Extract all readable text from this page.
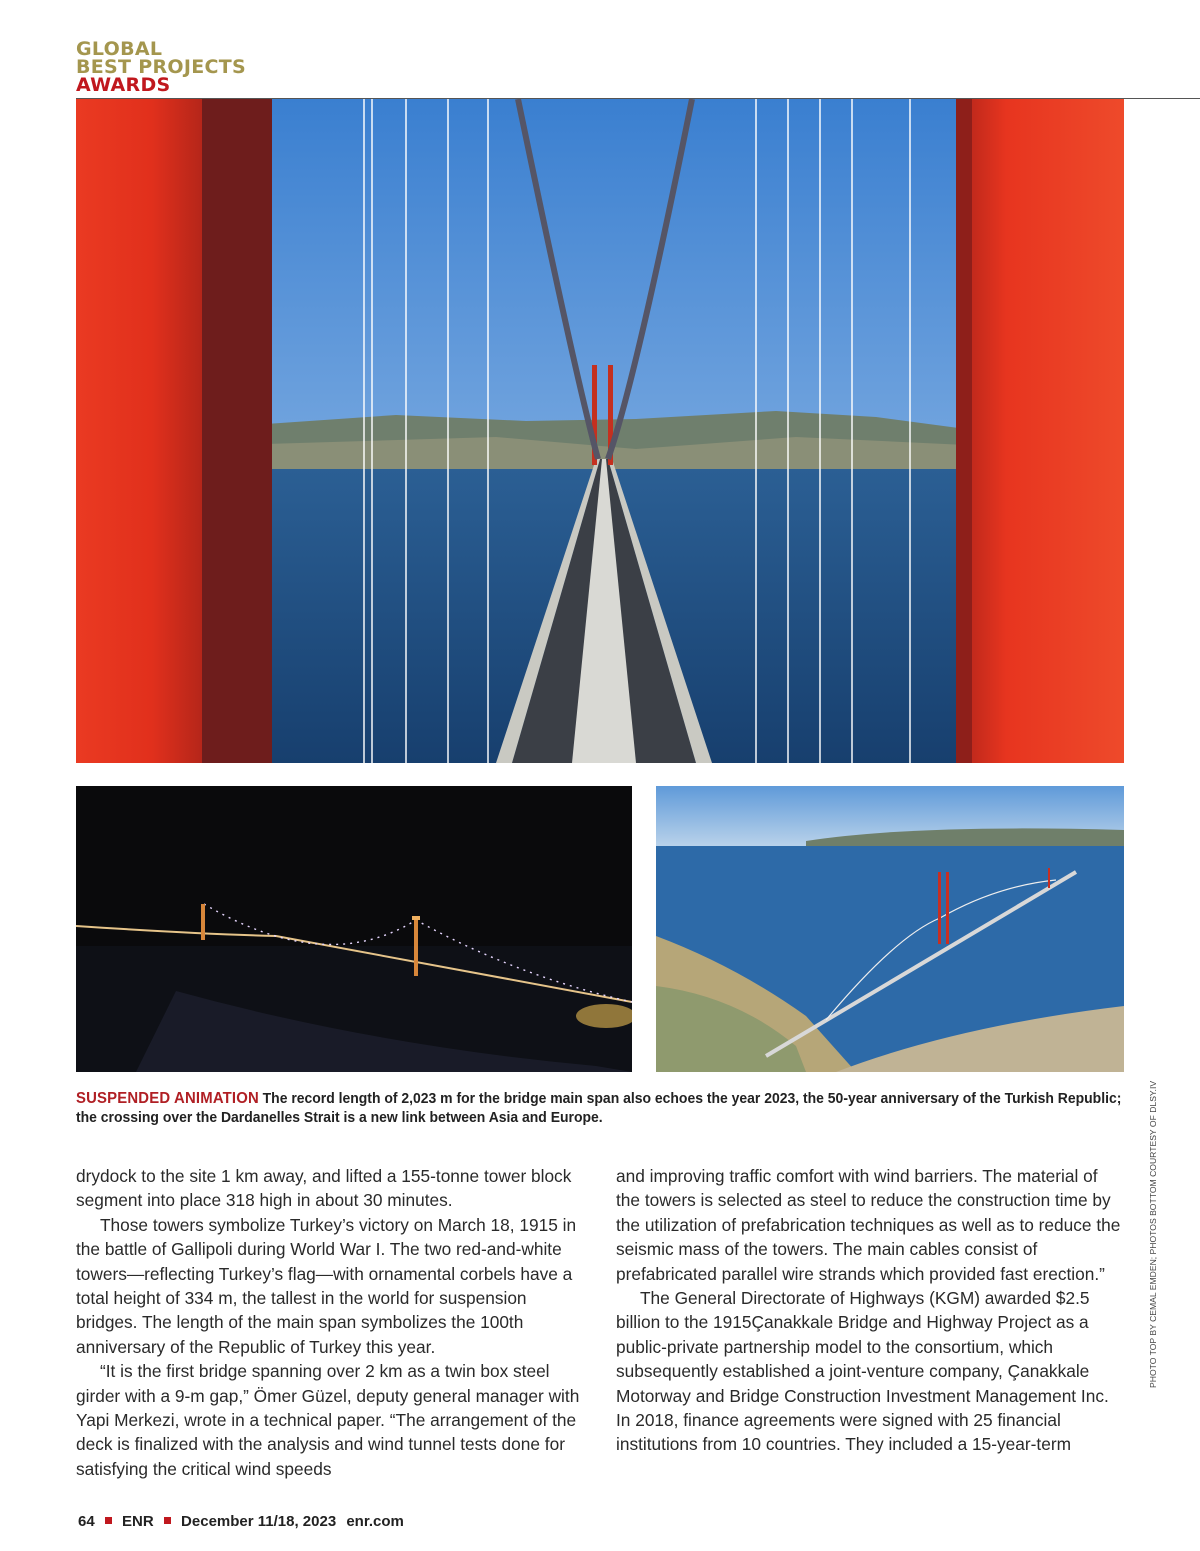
GLOBAL
BEST PROJECTS
AWARDS
SUSPENDED ANIMATION The record length of 2,023 m for the bridge main span also echoes the year 2023, the 50-year anniversary of the Turkish Republic; the crossing over the Dardanelles Strait is a new link between Asia and Europe.

drydock to the site 1 km away, and lifted a 155-tonne tower block segment into place 318 high in about 30 minutes.

Those towers symbolize Turkey’s victory on March 18, 1915 in the battle of Gallipoli during World War I. The two red-and-white towers—reflecting Turkey’s flag—with ornamental corbels have a total height of 334 m, the tallest in the world for suspension bridges. The length of the main span symbolizes the 100th anniversary of the Republic of Turkey this year.

“It is the first bridge spanning over 2 km as a twin box steel girder with a 9-m gap,” Ömer Güzel, deputy general manager with Yapi Merkezi, wrote in a technical paper. “The arrangement of the deck is finalized with the analysis and wind tunnel tests done for satisfying the critical wind speeds

and improving traffic comfort with wind barriers. The material of the towers is selected as steel to reduce the construction time by the utilization of prefabrication techniques as well as to reduce the seismic mass of the towers. The main cables consist of prefabricated parallel wire strands which provided fast erection.”

The General Directorate of Highways (KGM) awarded $2.5 billion to the 1915Çanakkale Bridge and Highway Project as a public-private partnership model to the consortium, which subsequently established a joint-venture company, Çanakkale Motorway and Bridge Construction Investment Management Inc. In 2018, finance agreements were signed with 25 financial institutions from 10 countries. They included a 15-year-term

PHOTO TOP BY CEMAL EMDEN; PHOTOS BOTTOM COURTESY OF DLSY.IV
64 ENR December 11/18, 2023 enr.com
